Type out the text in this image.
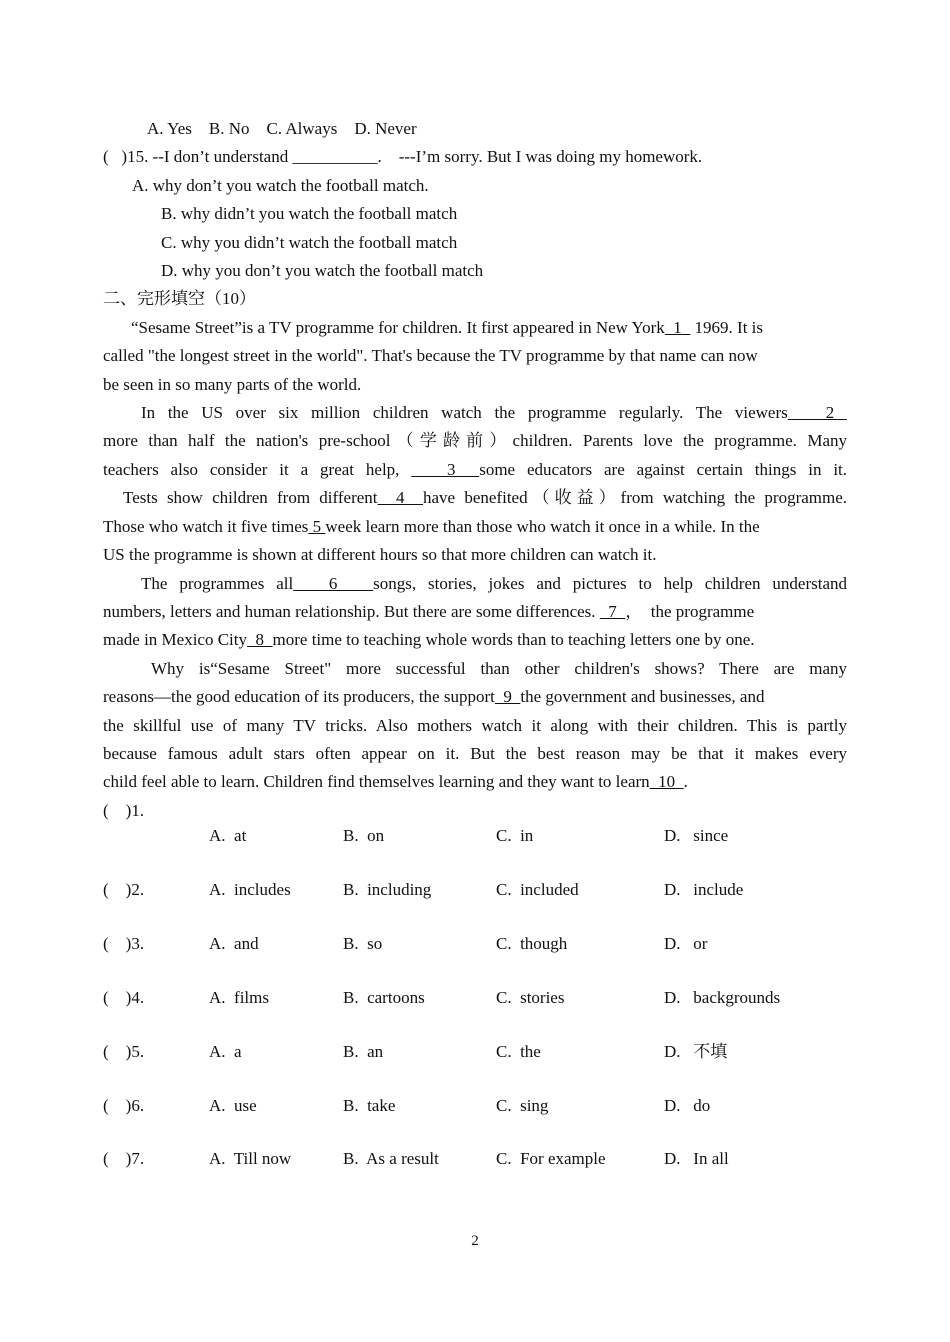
A. Yes    B. No    C. Always    D. Never
(   )15. --I don’t understand __________.    ---I’m sorry. But I was doing my homework.
A. why don’t you watch the football match.
B. why didn’t you watch the football match
C. why you didn’t watch the football match
D. why you don’t you watch the football match
二、完形填空（10）
“Sesame Street”is a TV programme for children. It first appeared in New York  1   1969. It is
called "the longest street in the world". That's because the TV programme by that name can now
be seen in so many parts of the world.
In the US over six million children watch the programme regularly. The viewers   2
more than half the nation's pre-school（学龄前）children. Parents love the programme. Many
teachers also consider it a great help,    3  some educators are against certain things in it.
Tests show children from different  4  have benefited（收益）from watching the programme.
Those who watch it five times 5 week learn more than those who watch it once in a while. In the
US the programme is shown at different hours so that more children can watch it.
The programmes all   6   songs, stories, jokes and pictures to help children understand
numbers, letters and human relationship. But there are some differences.   7  ，  the programme
made in Mexico City  8  more time to teaching whole words than to teaching letters one by one.
Why is“Sesame Street" more successful than other children's shows? There are many
reasons—the good education of its producers, the support  9  the government and businesses, and
the skillful use of many TV tricks. Also mothers watch it along with their children. This is partly
because famous adult stars often appear on it. But the best reason may be that it makes every
child feel able to learn. Children find themselves learning and they want to learn  10  .
(    )1.
A.  at	B.  on	C.  in	D.   since
(    )2.	A.  includes	B.  including	C.  included	D.   include
(    )3.	A.  and	B.  so	C.  though	D.   or
(    )4.	A.  films	B.  cartoons	C.  stories	D.   backgrounds
(    )5.	A.  a	B.  an	C.  the	D.   不填
(    )6.	A.  use	B.  take	C.  sing	D.   do
(    )7.	A.  Till now	B.  As a result	C.  For example	D.   In all
2
